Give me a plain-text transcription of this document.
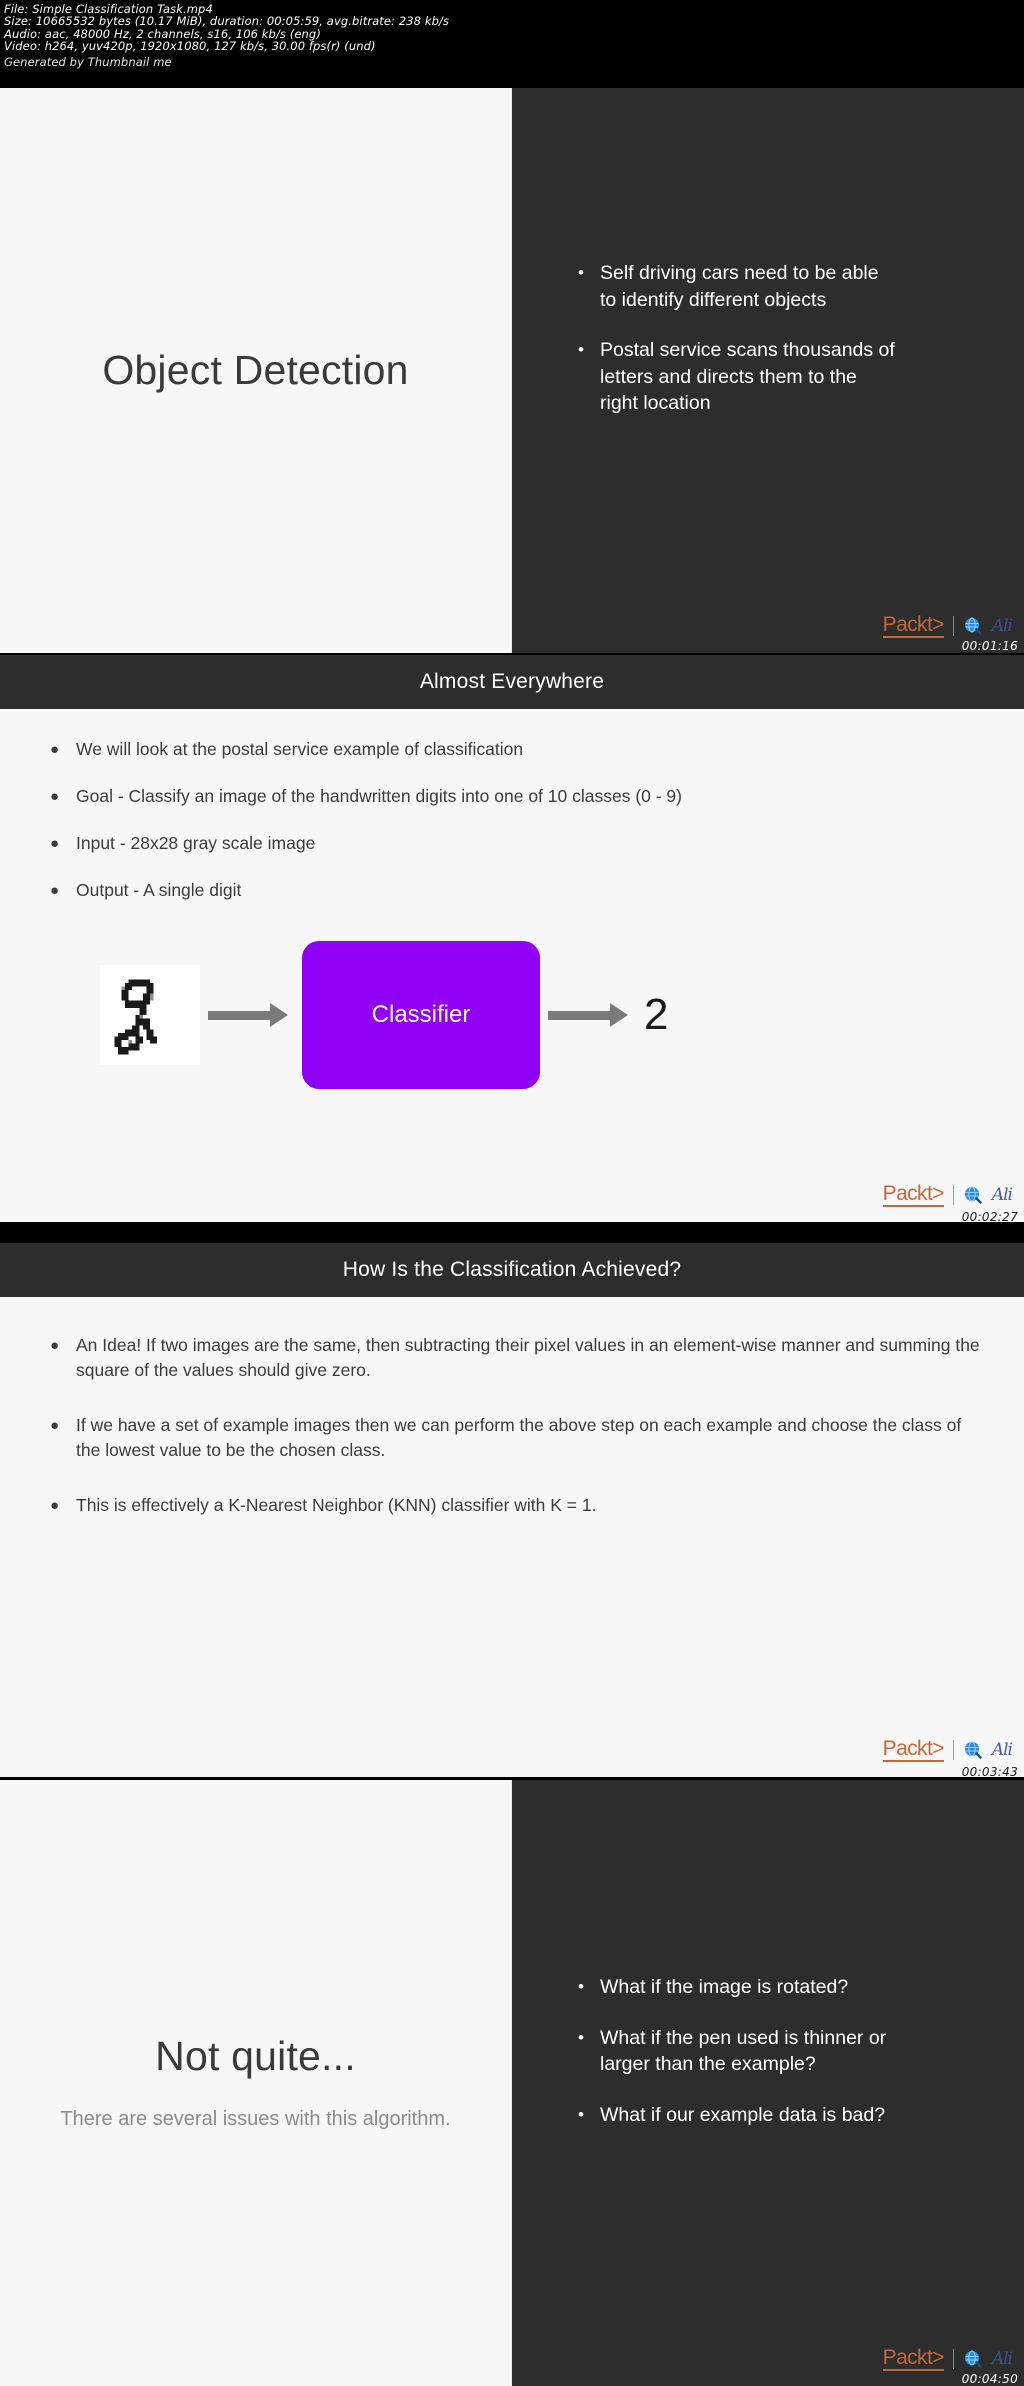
File: Simple Classification Task.mp4
Size: 10665532 bytes (10.17 MiB), duration: 00:05:59, avg.bitrate: 238 kb/s
Audio: aac, 48000 Hz, 2 channels, s16, 106 kb/s (eng)
Video: h264, yuv420p, 1920x1080, 127 kb/s, 30.00 fps(r) (und)
Generated by Thumbnail me
Object Detection
• Self driving cars need to be able to identify different objects
• Postal service scans thousands of letters and directs them to the right location
Packt>	Ali
00:01:16
Almost Everywhere
● We will look at the postal service example of classification
● Goal - Classify an image of the handwritten digits into one of 10 classes (0 - 9)
● Input - 28x28 gray scale image
● Output - A single digit
Classifier	2
Packt>	Ali
00:02:27
How Is the Classification Achieved?
● An Idea! If two images are the same, then subtracting their pixel values in an element-wise manner and summing the square of the values should give zero.
● If we have a set of example images then we can perform the above step on each example and choose the class of the lowest value to be the chosen class.
● This is effectively a K-Nearest Neighbor (KNN) classifier with K = 1.
Packt>	Ali
00:03:43
Not quite...
There are several issues with this algorithm.
• What if the image is rotated?
• What if the pen used is thinner or larger than the example?
• What if our example data is bad?
Packt>	Ali
00:04:50
